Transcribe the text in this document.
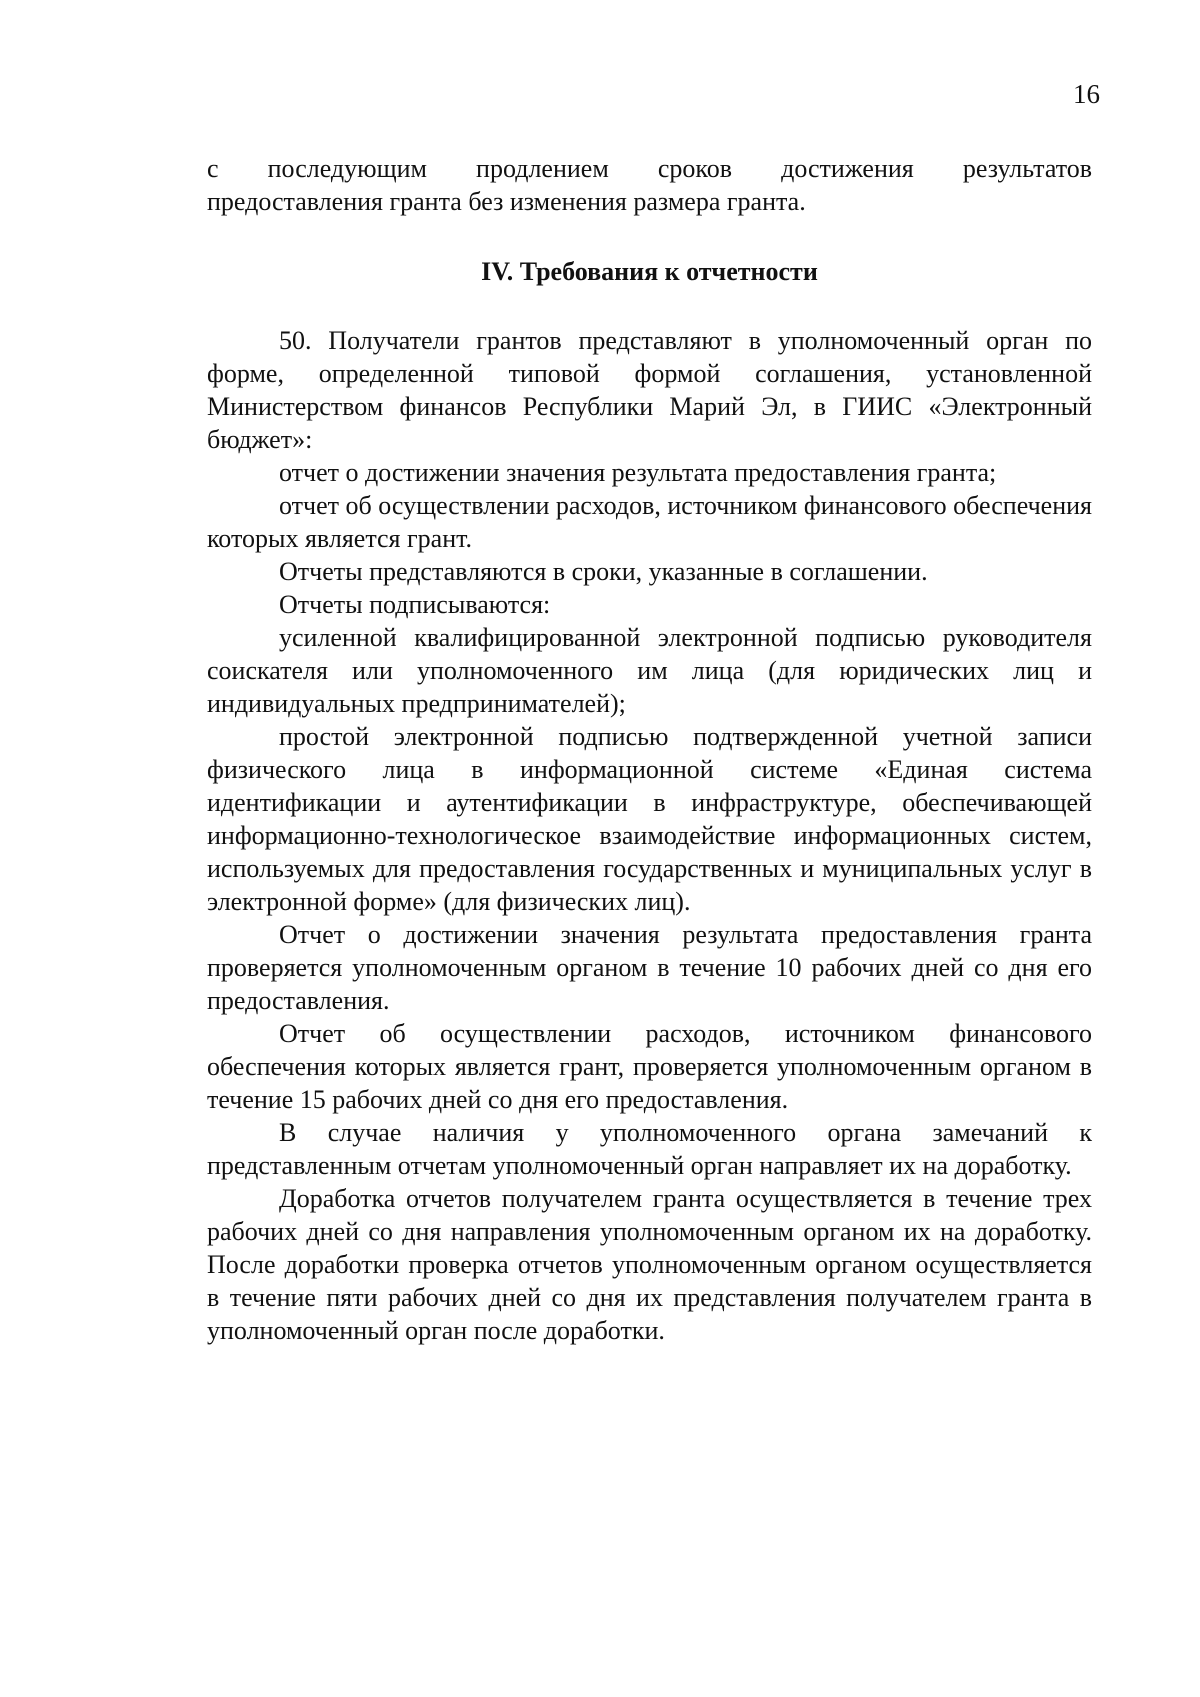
16

с последующим продлением сроков достижения результатов

предоставления гранта без изменения размера гранта.

IV. Требования к отчетности

50. Получатели грантов представляют в уполномоченный орган по форме, определенной типовой формой соглашения, установленной Министерством финансов Республики Марий Эл, в ГИИС «Электронный бюджет»:

отчет о достижении значения результата предоставления гранта;

отчет об осуществлении расходов, источником финансового обеспечения которых является грант.

Отчеты представляются в сроки, указанные в соглашении.

Отчеты подписываются:

усиленной квалифицированной электронной подписью руководителя соискателя или уполномоченного им лица (для юридических лиц и индивидуальных предпринимателей);

простой электронной подписью подтвержденной учетной записи физического лица в информационной системе «Единая система идентификации и аутентификации в инфраструктуре, обеспечивающей информационно-технологическое взаимодействие информационных систем, используемых для предоставления государственных и муниципальных услуг в электронной форме» (для физических лиц).

Отчет о достижении значения результата предоставления гранта проверяется уполномоченным органом в течение 10 рабочих дней со дня его предоставления.

Отчет об осуществлении расходов, источником финансового обеспечения которых является грант, проверяется уполномоченным органом в течение 15 рабочих дней со дня его предоставления.

В случае наличия у уполномоченного органа замечаний к представленным отчетам уполномоченный орган направляет их на доработку.

Доработка отчетов получателем гранта осуществляется в течение трех рабочих дней со дня направления уполномоченным органом их на доработку. После доработки проверка отчетов уполномоченным органом осуществляется в течение пяти рабочих дней со дня их представления получателем гранта в уполномоченный орган после доработки.
